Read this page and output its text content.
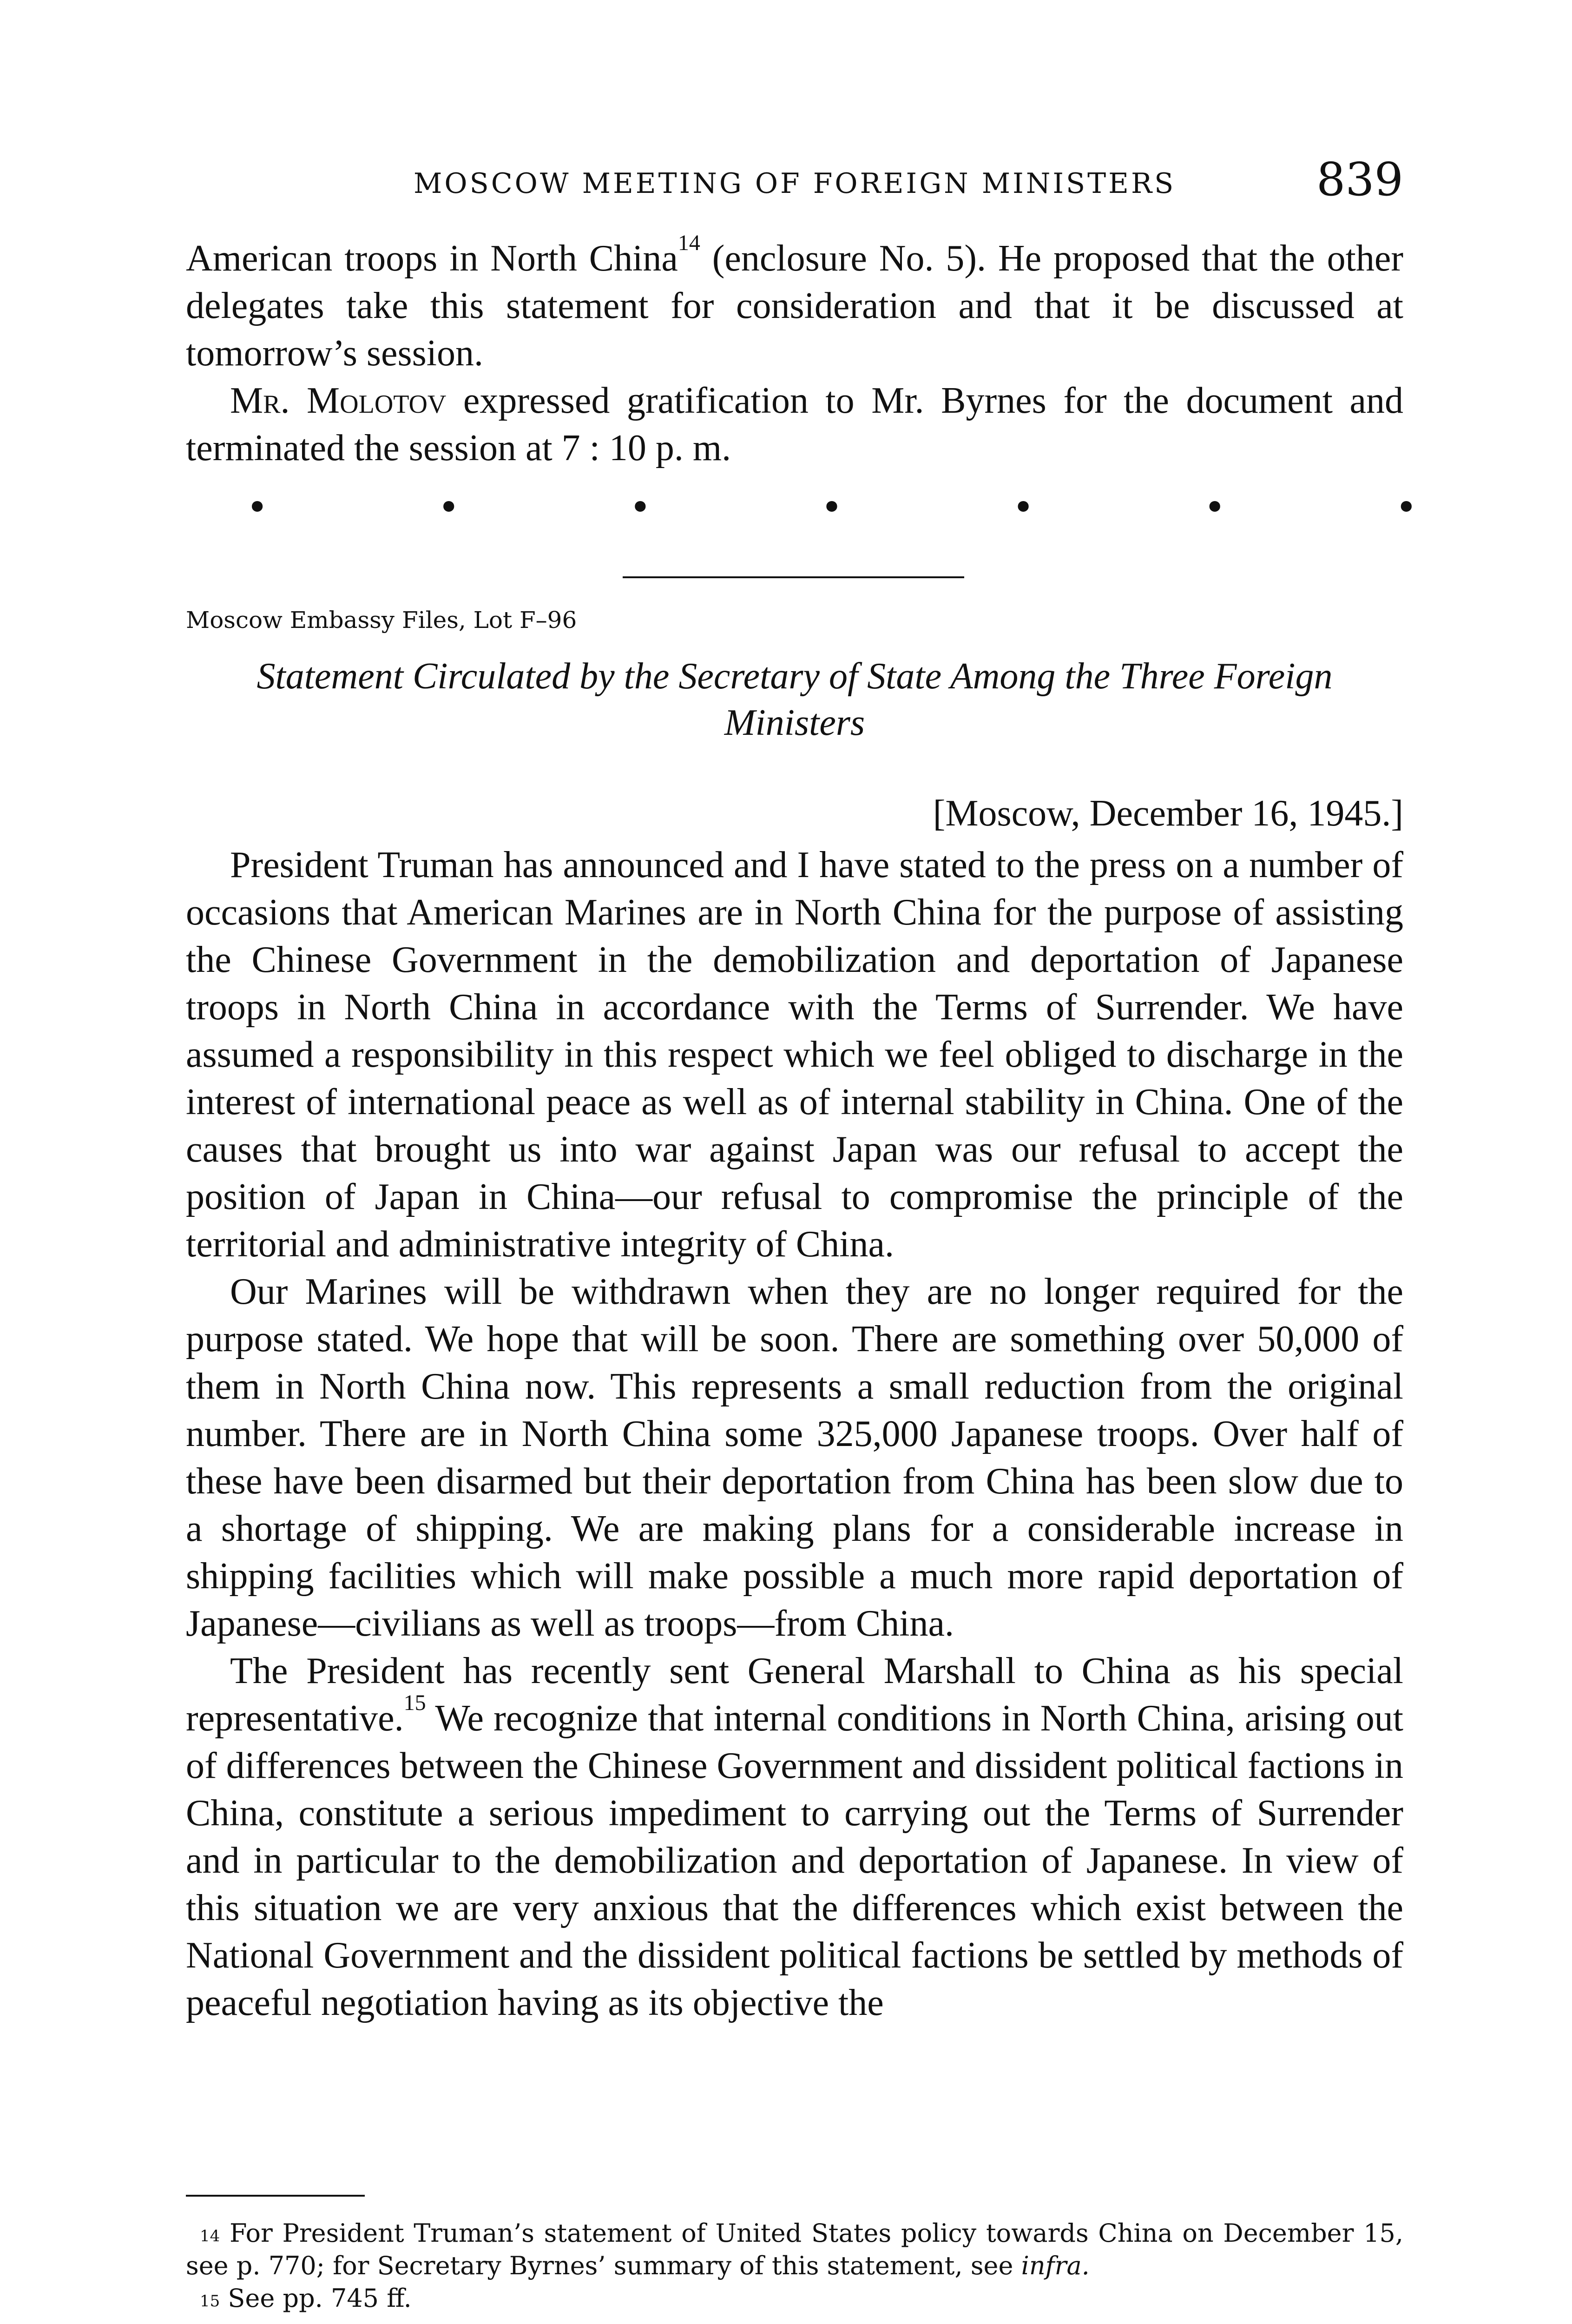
MOSCOW MEETING OF FOREIGN MINISTERS	839

American troops in North China$^{14}$ (enclosure No. 5). He proposed that the other delegates take this statement for consideration and that it be discussed at tomorrow’s session.

Mr. Molotov expressed gratification to Mr. Byrnes for the document and terminated the session at 7 : 10 p. m.

•	•	•	•	•	•	•
Moscow Embassy Files, Lot F–96
Statement Circulated by the Secretary of State Among the Three Foreign Ministers
[Moscow, December 16, 1945.]

President Truman has announced and I have stated to the press on a number of occasions that American Marines are in North China for the purpose of assisting the Chinese Government in the demobilization and deportation of Japanese troops in North China in accordance with the Terms of Surrender. We have assumed a responsibility in this respect which we feel obliged to discharge in the interest of international peace as well as of internal stability in China. One of the causes that brought us into war against Japan was our refusal to accept the position of Japan in China—our refusal to compromise the principle of the territorial and administrative integrity of China.

Our Marines will be withdrawn when they are no longer required for the purpose stated. We hope that will be soon. There are something over 50,000 of them in North China now. This represents a small reduction from the original number. There are in North China some 325,000 Japanese troops. Over half of these have been disarmed but their deportation from China has been slow due to a shortage of shipping. We are making plans for a considerable increase in shipping facilities which will make possible a much more rapid deportation of Japanese—civilians as well as troops—from China.

The President has recently sent General Marshall to China as his special representative.$^{15}$ We recognize that internal conditions in North China, arising out of differences between the Chinese Government and dissident political factions in China, constitute a serious impediment to carrying out the Terms of Surrender and in particular to the demobilization and deportation of Japanese. In view of this situation we are very anxious that the differences which exist between the National Government and the dissident political factions be settled by methods of peaceful negotiation having as its objective the

$^{14}$ For President Truman’s statement of United States policy towards China on December 15, see p. 770; for Secretary Byrnes’ summary of this statement, see infra.

$^{15}$ See pp. 745 ff.
